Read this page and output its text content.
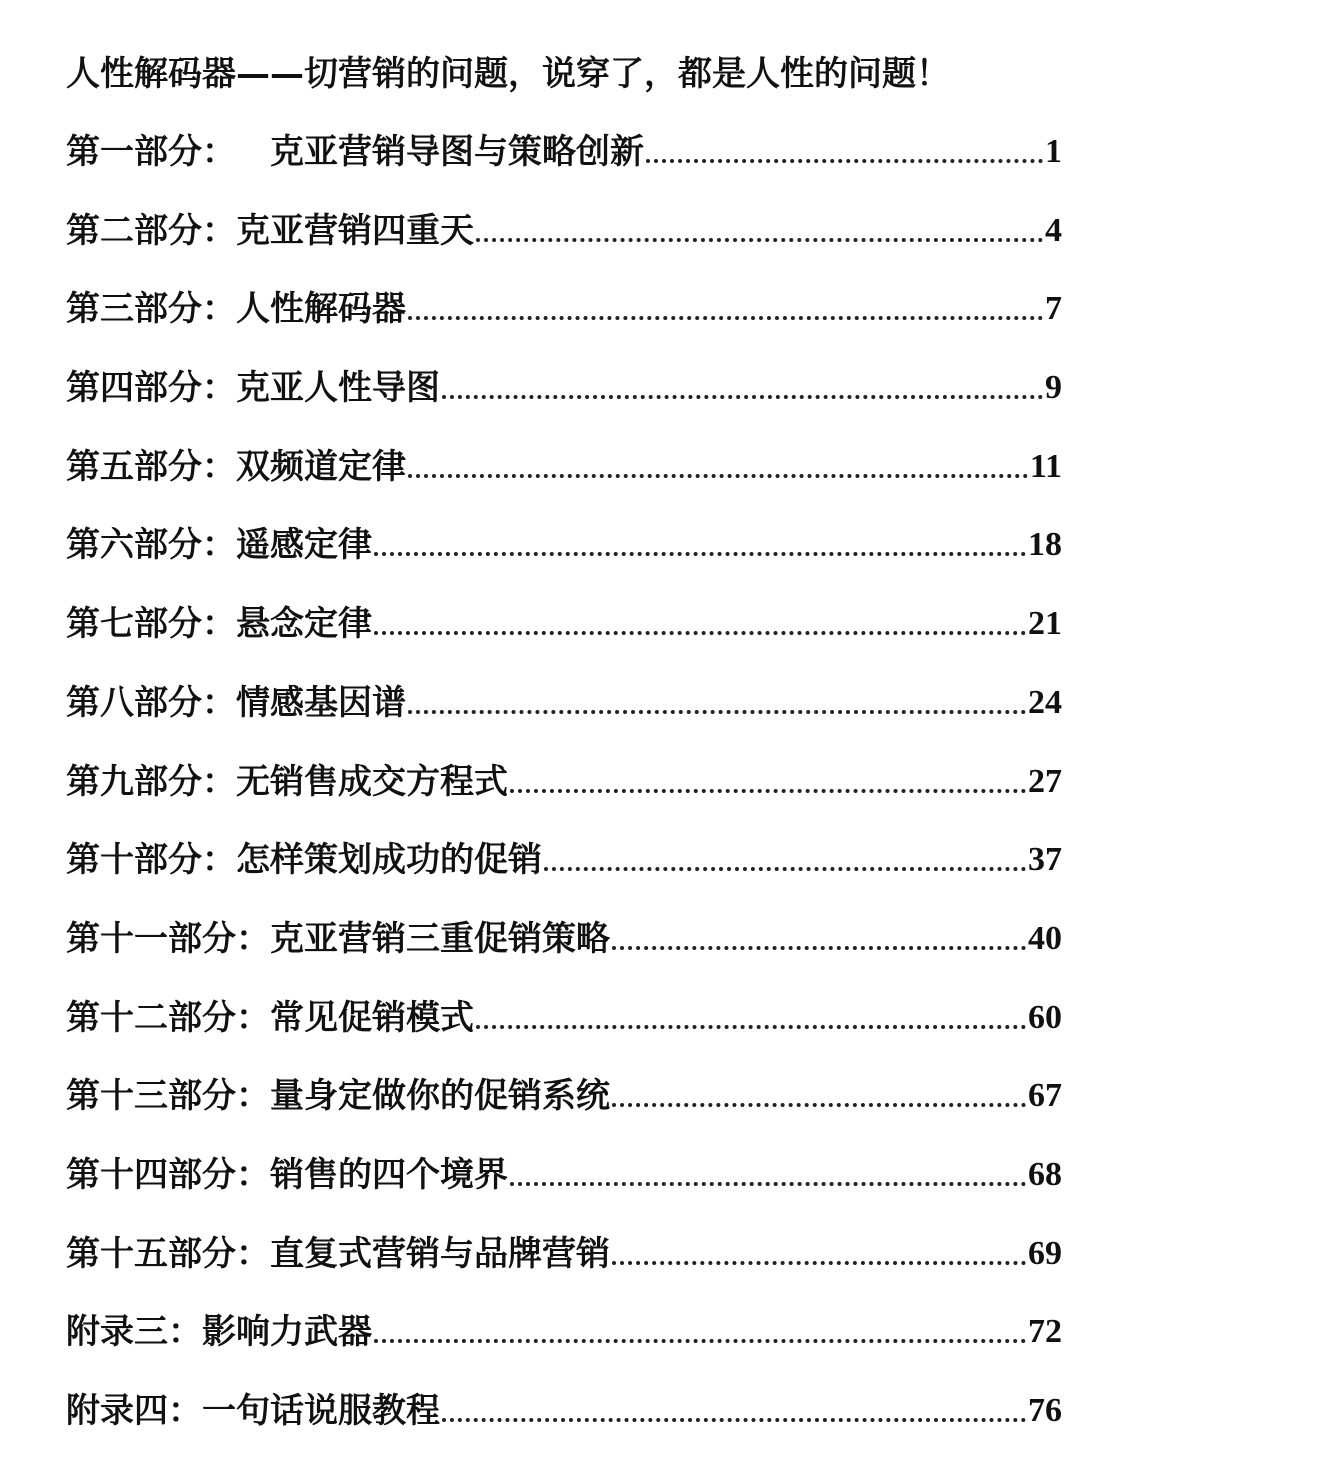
人性解码器——切营销的问题，说穿了，都是人性的问题！
第一部分：	克亚营销导图与策略创新	1
第二部分： 克亚营销四重天	4
第三部分： 人性解码器	7
第四部分： 克亚人性导图	9
第五部分： 双频道定律	11
第六部分： 遥感定律	18
第七部分： 悬念定律	21
第八部分： 情感基因谱	24
第九部分： 无销售成交方程式	27
第十部分： 怎样策划成功的促销	37
第十一部分： 克亚营销三重促销策略	40
第十二部分： 常见促销模式	60
第十三部分： 量身定做你的促销系统	67
第十四部分： 销售的四个境界	68
第十五部分： 直复式营销与品牌营销	69
附录三： 影响力武器	72
附录四： 一句话说服教程	76
